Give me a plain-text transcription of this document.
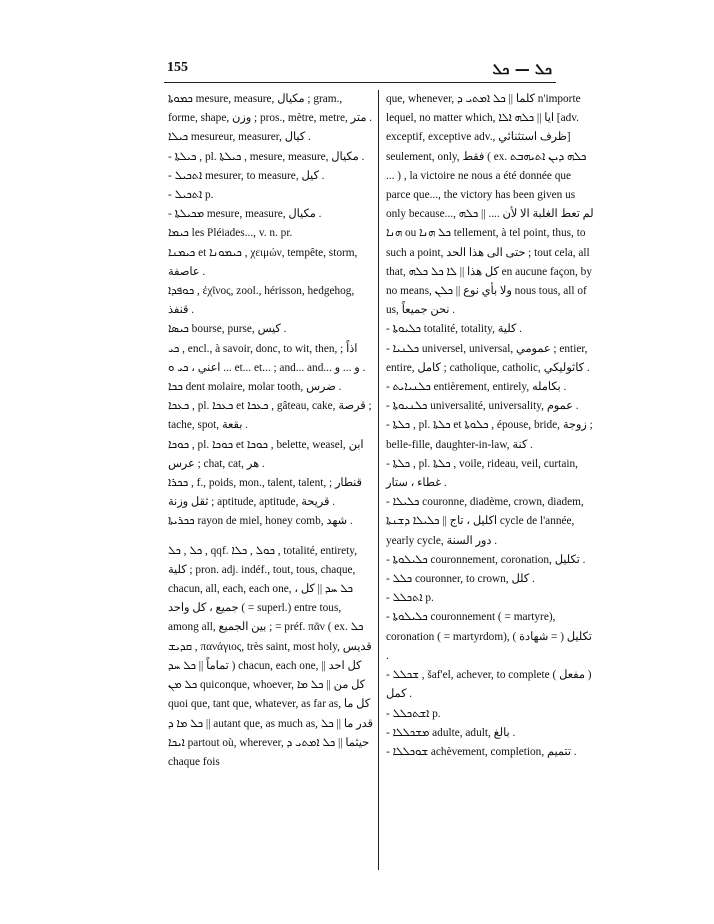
155	ܟܠ — ܟܠ

ܟܡܘܬܐ mesure, measure, مكيال ; gram., forme, shape, وزن ; pros., mètre, metre, متر .

ܟܝܠܐ mesureur, measurer, كيال .

- ܟܝܠܬܐ , pl. ܟܝܠܬܐ , mesure, measure, مكيال .

- ܐܬܟܝܠ mesurer, to measure, كيل .

- ܐܬܟܝܠ p.

- ܡܟܝܠܬܐ mesure, measure, مكيال .

ܟܝܡܐ les Pléiades..., v. n. pr.

ܟܝܡܢܐ et ܟܝܡܘܢܐ , χειμών, tempête, storm, عاصفة .

ܟܘܦܕܐ , ἐχῖνος, zool., hérisson, hedgehog, قنفذ .

ܟܝܣܐ bourse, purse, كيس .

ܟܝ , encl., à savoir, donc, to wit, then, اذاً ; اعني ، ܟܝ ܘ ... et... et... ; and... and... و ... و .

ܟܟܐ dent molaire, molar tooth, ضرس .

ܟܥܟܐ , pl. ܟܥܟܐ et ܟܥܟܐ , gâteau, cake, قرصة ; tache, spot, بقعة .

ܟܘܟܐ , pl. ܟܘܟܐ et ܟܘܟܐ , belette, weasel, ابن عرس ; chat, cat, هر .

ܟܟܪܐ , f., poids, mon., talent, talent, قنطار ; ثقل وزنة ; aptitude, aptitude, قريحة .

ܟܟܪܝܬܐ rayon de miel, honey comb, شهد .

ܟܠ , ܟܠ , qqf. ܟܘܠ , ܟܠܐ , totalité, entirety, كلية ; pron. adj. indéf., tout, tous, chaque, chacun, all, each, each one, ܟܠ ܚܕ || كل ، جميع ، كل واحد ( = superl.) entre tous, among all, بين الجميع ; = préf. πᾶν ( ex. ܟܠ ܩܕܝܫ , πανάγιος, très saint, most holy, قديس ( تماماً || ܟܠ ܚܕ chacun, each one, كل احد || ܟܠ ܡܢ quiconque, whoever, كل من || ܟܠ ܡܐ quoi que, tant que, whatever, as far as, كل ما || ܟܠ ܡܐ ܕ autant que, as much as, قدر ما || ܟܠ ܐܝܟܐ partout où, wherever, حيثما || ܟܠ ܐܡܬܝ ܕ chaque fois

que, whenever, كلما || ܟܠ ܐܡܬܝ ܕ n'importe lequel, no matter which, ايا || ܟܠܗ ܐܠܐ [adv. exceptif, exceptive adv., ظرف استثنائي] seulement, only, فقط ( ex. ܟܠܗ ܕܝܢ ܐܬܝܗܒܬ ... ) , la victoire ne nous a été donnée que parce que..., the victory has been given us only because..., لم تعط الغلبة الا لأن .... || ܟܠܗ ܗܢܐ ou ܟܠ ܗܢܐ tellement, à tel point, thus, to such a point, حتى الى هذا الحد ; tout cela, all that, كل هذا || ܠܐ ܟܠ ܟܠܗ en aucune façon, by no means, ولا بأي نوع || ܟܠܢ nous tous, all of us, نحن جميعاً .

- ܟܠܝܘܬܐ totalité, totality, كلية .

- ܟܠܢܝܐ universel, universal, عمومي ; entier, entire, كامل ; catholique, catholic, كاثوليكي .

- ܟܠܢܝܐܝܬ entièrement, entirely, بكامله .

- ܟܠܢܝܘܬܐ universalité, universality, عموم .

- ܟܠܬܐ , pl. ܟܠܬܐ et ܟܠܘܬܐ , épouse, bride, زوجة ; belle-fille, daughter-in-law, كنة .

- ܟܠܬܐ , pl. ܟܠܬܐ , voile, rideau, veil, curtain, غطاء ، ستار .

- ܟܠܝܠܐ couronne, diadème, crown, diadem, اكليل ، تاج || ܟܠܝܠܐ ܕܫܢܬܐ cycle de l'année, yearly cycle, دور السنة .

- ܟܠܝܠܘܬܐ couronnement, coronation, تكليل .

- ܟܠܠ couronner, to crown, كلل .

- ܐܬܟܠܠ p.

- ܟܠܝܠܘܬܐ couronnement ( = martyre), coronation ( = martyrdom), تكليل ( = شهادة ) .

- ܫܟܠܠ , šaf'el, achever, to complete ( مفعل ) كمل .

- ܐܫܬܟܠܠ p.

- ܡܫܟܠܠܐ adulte, adult, بالغ .

- ܫܘܟܠܠܐ achèvement, completion, تتميم .
